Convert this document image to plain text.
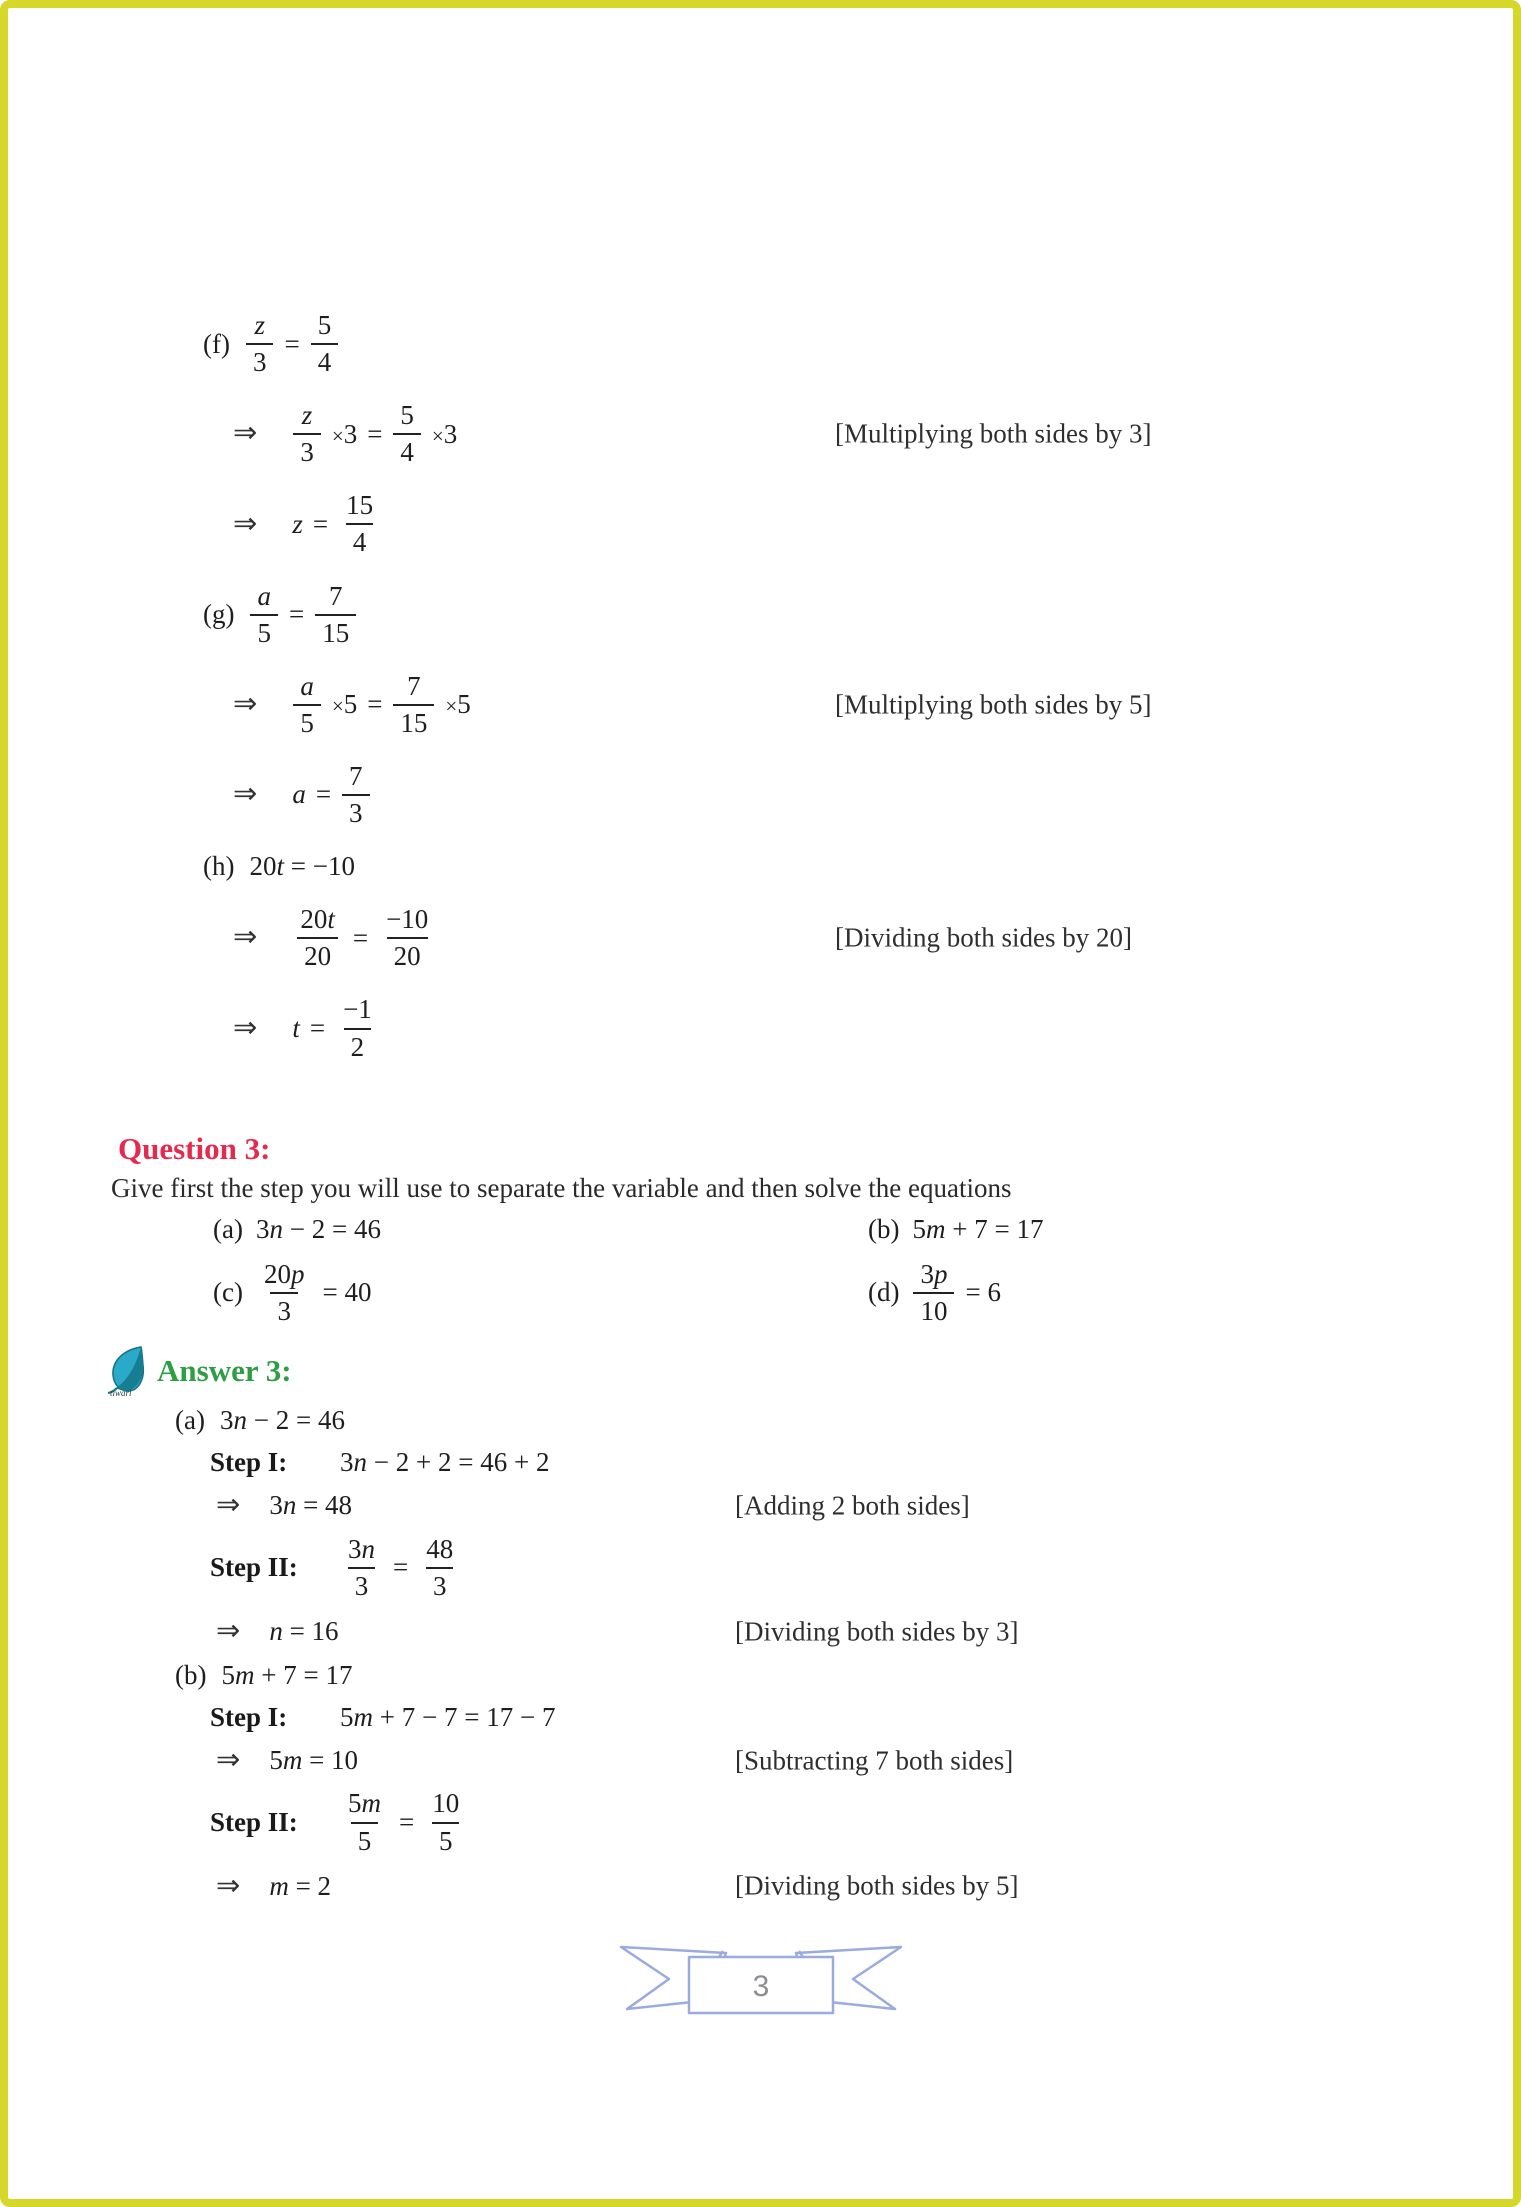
$(f) \frac{z}{3} = \frac{5}{4}$
⇒ $\frac{z}{3} \times 3 = \frac{5}{4} \times 3$	[Multiplying both sides by 3]
⇒ $z = \frac{15}{4}$
$(g) \frac{a}{5} = \frac{7}{15}$
⇒ $\frac{a}{5} \times 5 = \frac{7}{15} \times 5$	[Multiplying both sides by 5]
⇒ $a = \frac{7}{3}$
(h) 20t = −10
⇒ $\frac{20t}{20} = \frac{-10}{20}$	[Dividing both sides by 20]
⇒ $t = \frac{-1}{2}$
Question 3:
Give first the step you will use to separate the variable and then solve the equations
(a) 3n − 2 = 46	(b) 5m + 7 = 17
$(c) \frac{20p}{3} = 40$	$(d) \frac{3p}{10} = 6$
tiwari
Answer 3:
(a) 3n − 2 = 46
Step I:	3n − 2 + 2 = 46 + 2
⇒ 3n = 48	[Adding 2 both sides]
Step II:	$\frac{3n}{3} = \frac{48}{3}$
⇒ n = 16	[Dividing both sides by 3]
(b) 5m + 7 = 17
Step I:	5m + 7 − 7 = 17 − 7
⇒ 5m = 10	[Subtracting 7 both sides]
Step II:	$\frac{5m}{5} = \frac{10}{5}$
⇒ m = 2	[Dividing both sides by 5]
3
